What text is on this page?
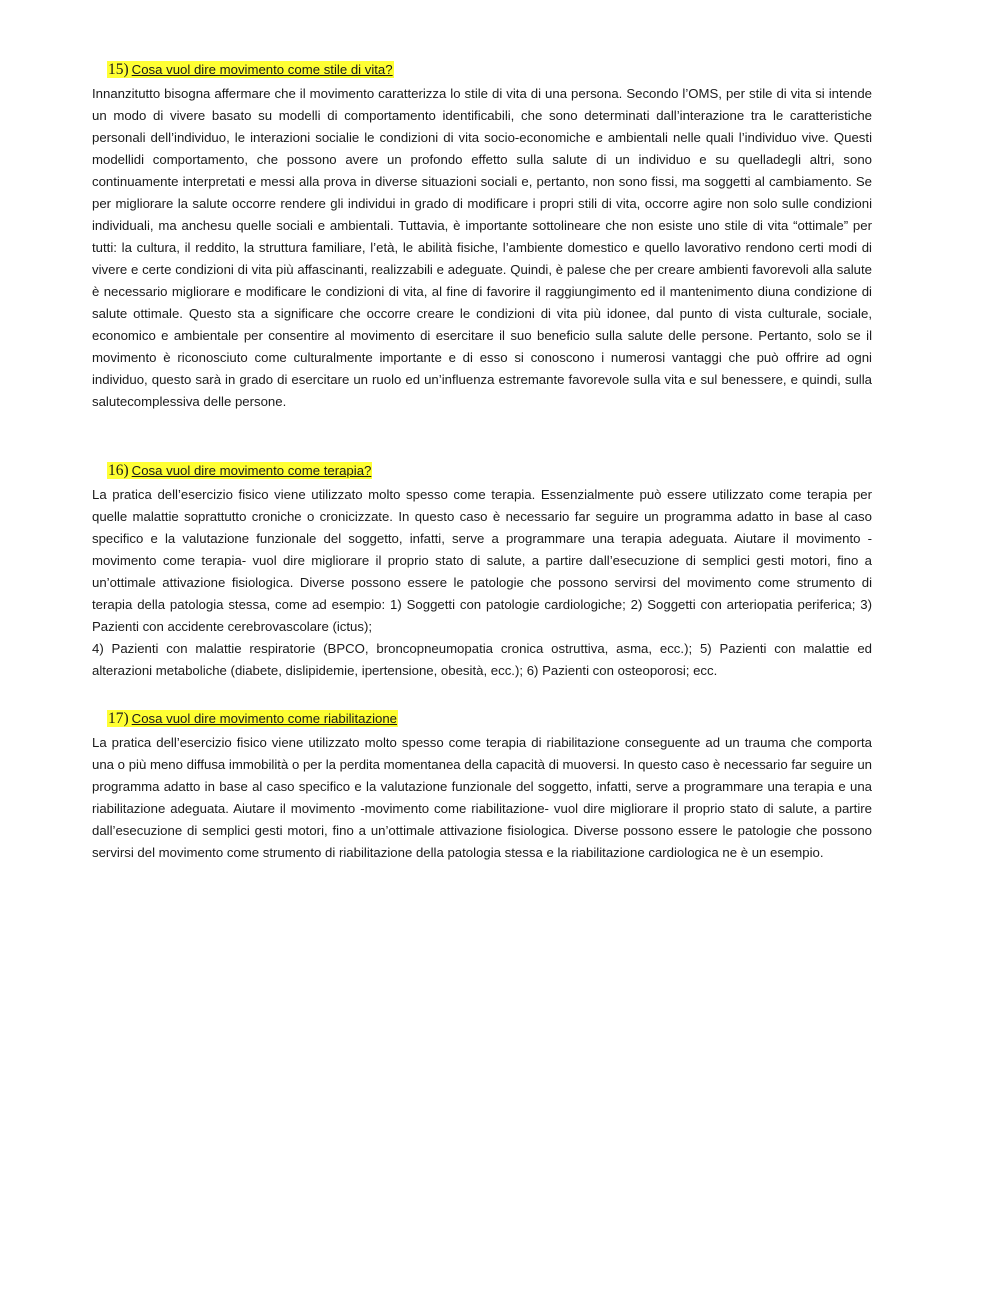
15) Cosa vuol dire movimento come stile di vita?

Innanzitutto bisogna affermare che il movimento caratterizza lo stile di vita di una persona. Secondo l’OMS, per stile di vita si intende un modo di vivere basato su modelli di comportamento identificabili, che sono determinati dall’interazione tra le caratteristiche personali dell’individuo, le interazioni socialie le condizioni di vita socio-economiche e ambientali nelle quali l’individuo vive. Questi modellidi comportamento, che possono avere un profondo effetto sulla salute di un individuo e su quelladegli altri, sono continuamente interpretati e messi alla prova in diverse situazioni sociali e, pertanto, non sono fissi, ma soggetti al cambiamento. Se per migliorare la salute occorre rendere gli individui in grado di modificare i propri stili di vita, occorre agire non solo sulle condizioni individuali, ma anchesu quelle sociali e ambientali. Tuttavia, è importante sottolineare che non esiste uno stile di vita “ottimale” per tutti: la cultura, il reddito, la struttura familiare, l’età, le abilità fisiche, l’ambiente domestico e quello lavorativo rendono certi modi di vivere e certe condizioni di vita più affascinanti, realizzabili e adeguate. Quindi, è palese che per creare ambienti favorevoli alla salute è necessario migliorare e modificare le condizioni di vita, al fine di favorire il raggiungimento ed il mantenimento diuna condizione di salute ottimale. Questo sta a significare che occorre creare le condizioni di vita più idonee, dal punto di vista culturale, sociale, economico e ambientale per consentire al movimento di esercitare il suo beneficio sulla salute delle persone. Pertanto, solo se il movimento è riconosciuto come culturalmente importante e di esso si conoscono i numerosi vantaggi che può offrire ad ogni individuo, questo sarà in grado di esercitare un ruolo ed un’influenza estremante favorevole sulla vita e sul benessere, e quindi, sulla salutecomplessiva delle persone.

16) Cosa vuol dire movimento come terapia?

La pratica dell’esercizio fisico viene utilizzato molto spesso come terapia. Essenzialmente può essere utilizzato come terapia per quelle malattie soprattutto croniche o cronicizzate. In questo caso è necessario far seguire un programma adatto in base al caso specifico e la valutazione funzionale del soggetto, infatti, serve a programmare una terapia adeguata. Aiutare il movimento -movimento come terapia- vuol dire migliorare il proprio stato di salute, a partire dall’esecuzione di semplici gesti motori, fino a un’ottimale attivazione fisiologica. Diverse possono essere le patologie che possono servirsi del movimento come strumento di terapia della patologia stessa, come ad esempio: 1) Soggetti con patologie cardiologiche; 2) Soggetti con arteriopatia periferica; 3) Pazienti con accidente cerebrovascolare (ictus);

4) Pazienti con malattie respiratorie (BPCO, broncopneumopatia cronica ostruttiva, asma, ecc.); 5) Pazienti con malattie ed alterazioni metaboliche (diabete, dislipidemie, ipertensione, obesità, ecc.); 6) Pazienti con osteoporosi; ecc.

17) Cosa vuol dire movimento come riabilitazione

La pratica dell’esercizio fisico viene utilizzato molto spesso come terapia di riabilitazione conseguente ad un trauma che comporta una o più meno diffusa immobilità o per la perdita momentanea della capacità di muoversi. In questo caso è necessario far seguire un programma adatto in base al caso specifico e la valutazione funzionale del soggetto, infatti, serve a programmare una terapia e una riabilitazione adeguata. Aiutare il movimento -movimento come riabilitazione- vuol dire migliorare il proprio stato di salute, a partire dall’esecuzione di semplici gesti motori, fino a un’ottimale attivazione fisiologica. Diverse possono essere le patologie che possono servirsi del movimento come strumento di riabilitazione della patologia stessa e la riabilitazione cardiologica ne è un esempio.
